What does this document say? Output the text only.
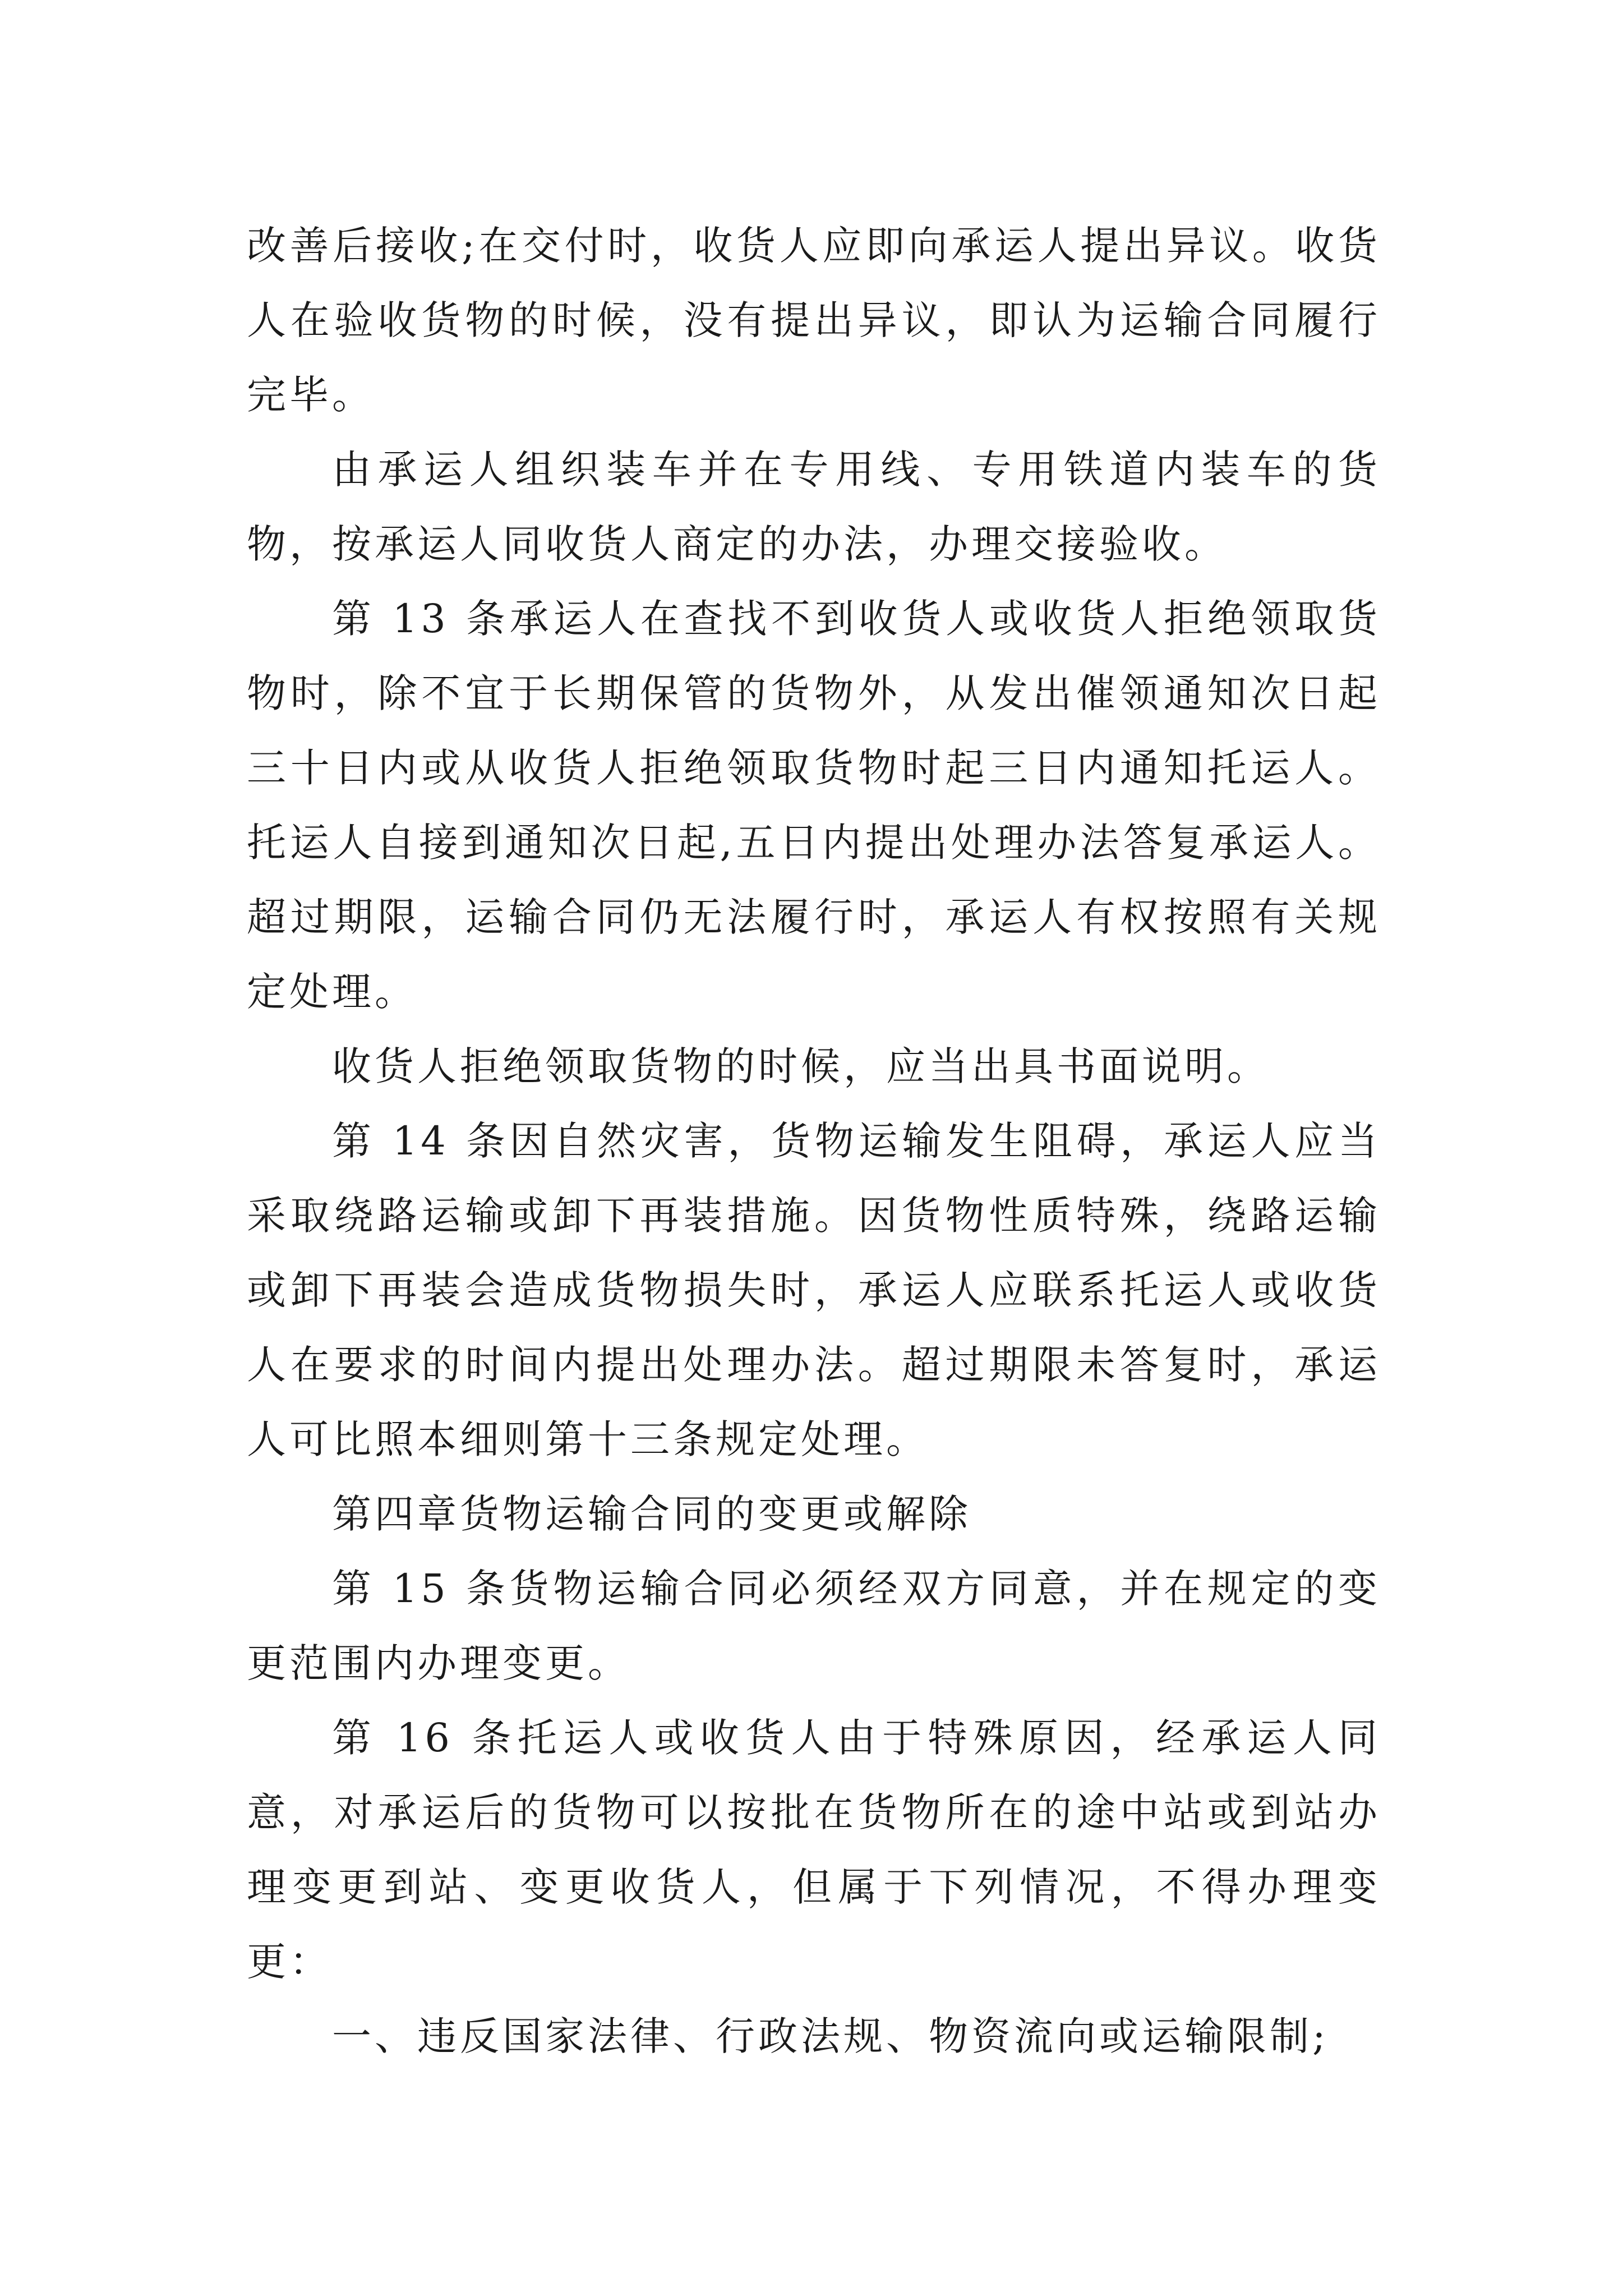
改善后接收;在交付时，收货人应即向承运人提出异议。收货人在验收货物的时候，没有提出异议，即认为运输合同履行完毕。

由承运人组织装车并在专用线、专用铁道内装车的货物，按承运人同收货人商定的办法，办理交接验收。

第 13 条承运人在查找不到收货人或收货人拒绝领取货物时，除不宜于长期保管的货物外，从发出催领通知次日起三十日内或从收货人拒绝领取货物时起三日内通知托运人。托运人自接到通知次日起,五日内提出处理办法答复承运人。超过期限，运输合同仍无法履行时，承运人有权按照有关规定处理。

收货人拒绝领取货物的时候，应当出具书面说明。

第 14 条因自然灾害，货物运输发生阻碍，承运人应当采取绕路运输或卸下再装措施。因货物性质特殊，绕路运输或卸下再装会造成货物损失时，承运人应联系托运人或收货人在要求的时间内提出处理办法。超过期限未答复时，承运人可比照本细则第十三条规定处理。

第四章货物运输合同的变更或解除

第 15 条货物运输合同必须经双方同意，并在规定的变更范围内办理变更。

第 16 条托运人或收货人由于特殊原因，经承运人同意，对承运后的货物可以按批在货物所在的途中站或到站办理变更到站、变更收货人，但属于下列情况，不得办理变更：

一、违反国家法律、行政法规、物资流向或运输限制;
